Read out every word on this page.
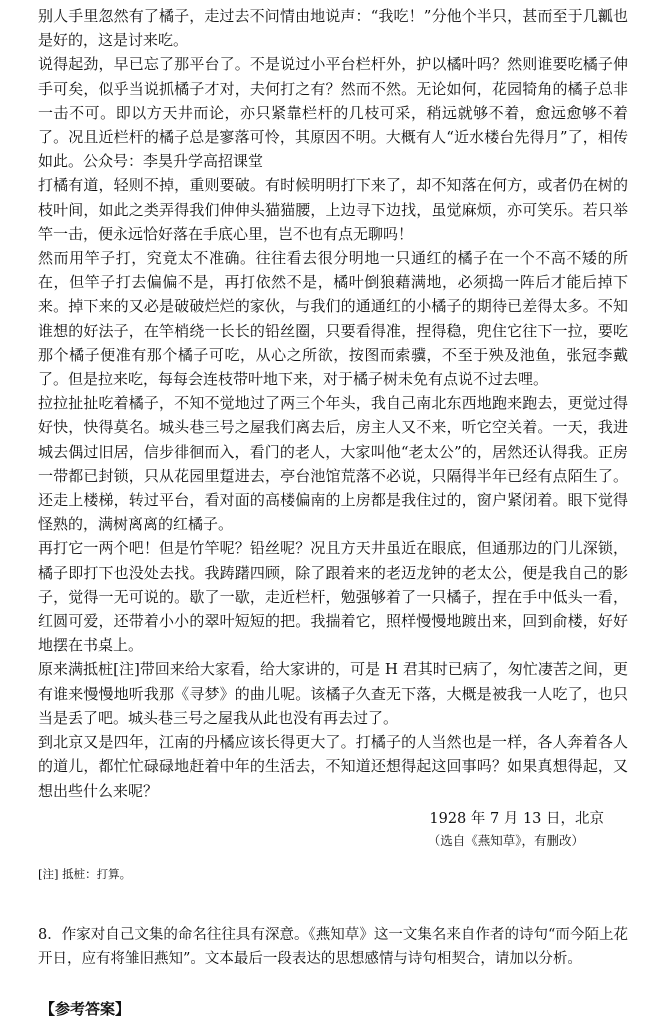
别人手里忽然有了橘子，走过去不问情由地说声：“我吃！”分他个半只，甚而至于几瓤也是好的，这是讨来吃。

说得起劲，早已忘了那平台了。不是说过小平台栏杆外，护以橘叶吗？然则谁要吃橘子伸手可矣，似乎当说抓橘子才对，夫何打之有？然而不然。无论如何，花园犄角的橘子总非一击不可。即以方天井而论，亦只紧靠栏杆的几枝可采，稍远就够不着，愈远愈够不着了。况且近栏杆的橘子总是寥落可怜，其原因不明。大概有人“近水楼台先得月”了，相传如此。公众号：李昊升学高招课堂

打橘有道，轻则不掉，重则要破。有时候明明打下来了，却不知落在何方，或者仍在树的枝叶间，如此之类弄得我们伸伸头猫猫腰，上边寻下边找，虽觉麻烦，亦可笑乐。若只举竿一击，便永远恰好落在手底心里，岂不也有点无聊吗！

然而用竿子打，究竟太不准确。往往看去很分明地一只通红的橘子在一个不高不矮的所在，但竿子打去偏偏不是，再打依然不是，橘叶倒狼藉满地，必须捣一阵后才能后掉下来。掉下来的又必是破破烂烂的家伙，与我们的通通红的小橘子的期待已差得太多。不知谁想的好法子，在竿梢绕一长长的铅丝圈，只要看得准，捏得稳，兜住它往下一拉，要吃那个橘子便准有那个橘子可吃，从心之所欲，按图而索骥，不至于殃及池鱼，张冠李戴了。但是拉来吃，每每会连枝带叶地下来，对于橘子树未免有点说不过去哩。

拉拉扯扯吃着橘子，不知不觉地过了两三个年头，我自己南北东西地跑来跑去，更觉过得好快，快得莫名。城头巷三号之屋我们离去后，房主人又不来，听它空关着。一天，我进城去偶过旧居，信步徘徊而入，看门的老人，大家叫他“老太公”的，居然还认得我。正房一带都已封锁，只从花园里踅进去，亭台池馆荒落不必说，只隔得半年已经有点陌生了。还走上楼梯，转过平台，看对面的高楼偏南的上房都是我住过的，窗户紧闭着。眼下觉得怪熟的，满树离离的红橘子。

再打它一两个吧！但是竹竿呢？铅丝呢？况且方天井虽近在眼底，但通那边的门儿深锁，橘子即打下也没处去找。我踌躇四顾，除了跟着来的老迈龙钟的老太公，便是我自己的影子，觉得一无可说的。歇了一歇，走近栏杆，勉强够着了一只橘子，捏在手中低头一看，红圆可爱，还带着小小的翠叶短短的把。我揣着它，照样慢慢地踱出来，回到俞楼，好好地摆在书桌上。

原来满抵桩[注]带回来给大家看，给大家讲的，可是 H 君其时已病了，匆忙凄苦之间，更有谁来慢慢地听我那《寻梦》的曲儿呢。该橘子久查无下落，大概是被我一人吃了，也只当是丢了吧。城头巷三号之屋我从此也没有再去过了。

到北京又是四年，江南的丹橘应该长得更大了。打橘子的人当然也是一样，各人奔着各人的道儿，都忙忙碌碌地赶着中年的生活去，不知道还想得起这回事吗？如果真想得起，又想出些什么来呢？

1928 年 7 月 13 日，北京

（选自《燕知草》，有删改）

[注] 抵桩：打算。

8．作家对自己文集的命名往往具有深意。《燕知草》这一文集名来自作者的诗句“而今陌上花开日，应有将雏旧燕知”。文本最后一段表达的思想感情与诗句相契合，请加以分析。

【参考答案】
